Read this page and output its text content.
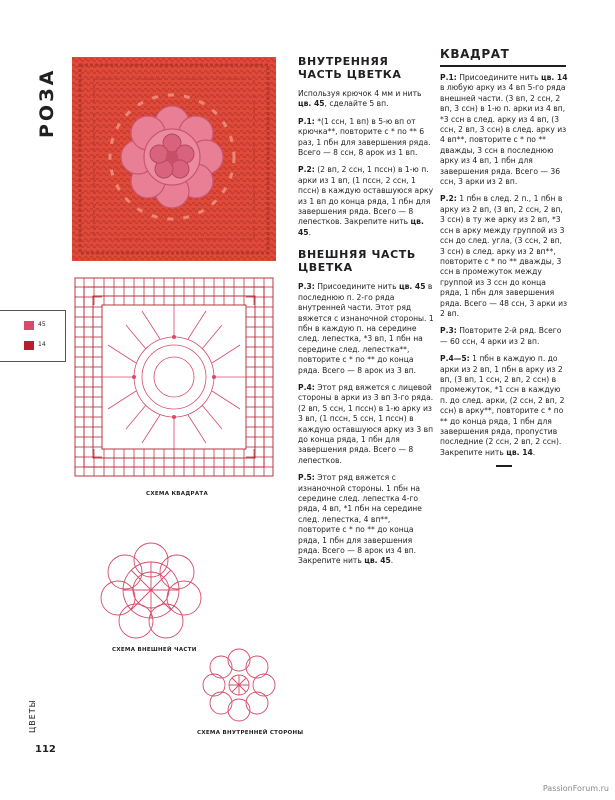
РОЗА
СХЕМА КВАДРАТА
СХЕМА ВНЕШНЕЙ ЧАСТИ
СХЕМА ВНУТРЕННЕЙ СТОРОНЫ
45
14
ВНУТРЕННЯЯ
ЧАСТЬ ЦВЕТКА

Используя крючок 4 мм и нить цв. 45, сделайте 5 вп.

Р.1: *(1 ссн, 1 вп) в 5-ю вп от крючка**, повторите с * по ** 6 раз, 1 пбн для завершения ряда. Всего — 8 ссн, 8 арок из 1 вп.

Р.2: (2 вп, 2 ссн, 1 пссн) в 1-ю п. арки из 1 вп, (1 пссн, 2 ссн, 1 пссн) в каждую оставшуюся арку из 1 вп до конца ряда, 1 пбн для завершения ряда. Всего — 8 лепестков. Закрепите нить цв. 45.

ВНЕШНЯЯ ЧАСТЬ ЦВЕТКА

Р.3: Присоедините нить цв. 45 в последнюю п. 2-го ряда внутренней части. Этот ряд вяжется с изнаночной стороны. 1 пбн в каждую п. на середине след. лепестка, *3 вп, 1 пбн на середине след. лепестка**, повторите с * по ** до конца ряда. Всего — 8 арок из 3 вп.

Р.4: Этот ряд вяжется с лицевой стороны в арки из 3 вп 3-го ряда. (2 вп, 5 ссн, 1 пссн) в 1-ю арку из 3 вп, (1 пссн, 5 ссн, 1 пссн) в каждую оставшуюся арку из 3 вп до конца ряда, 1 пбн для завершения ряда. Всего — 8 лепестков.

Р.5: Этот ряд вяжется с изнаночной стороны. 1 пбн на середине след. лепестка 4-го ряда, 4 вп, *1 пбн на середине след. лепестка, 4 вп**, повторите с * по ** до конца ряда, 1 пбн для завершения ряда. Всего — 8 арок из 4 вп. Закрепите нить цв. 45.

КВАДРАТ

Р.1: Присоедините нить цв. 14 в любую арку из 4 вп 5-го ряда внешней части. (3 вп, 2 ссн, 2 вп, 3 ссн) в 1-ю п. арки из 4 вп, *3 ссн в след. арку из 4 вп, (3 ссн, 2 вп, 3 ссн) в след. арку из 4 вп**, повторите с * по ** дважды, 3 ссн в последнюю арку из 4 вп, 1 пбн для завершения ряда. Всего — 36 ссн, 3 арки из 2 вп.

Р.2: 1 пбн в след. 2 п., 1 пбн в арку из 2 вп, (3 вп, 2 ссн, 2 вп, 3 ссн) в ту же арку из 2 вп, *3 ссн в арку между группой из 3 ссн до след. угла, (3 ссн, 2 вп, 3 ссн) в след. арку из 2 вп**, повторите с * по ** дважды, 3 ссн в промежуток между группой из 3 ссн до конца ряда, 1 пбн для завершения ряда. Всего — 48 ссн, 3 арки из 2 вп.

Р.3: Повторите 2-й ряд. Всего — 60 ссн, 4 арки из 2 вп.

Р.4—5: 1 пбн в каждую п. до арки из 2 вп, 1 пбн в арку из 2 вп, (3 вп, 1 ссн, 2 вп, 2 ссн) в промежуток, *1 ссн в каждую п. до след. арки, (2 ссн, 2 вп, 2 ссн) в арку**, повторите с * по ** до конца ряда, 1 пбн для завершения ряда, пропустив последние (2 ссн, 2 вп, 2 ссн). Закрепите нить цв. 14.

ЦВЕТЫ
112
PassionForum.ru
